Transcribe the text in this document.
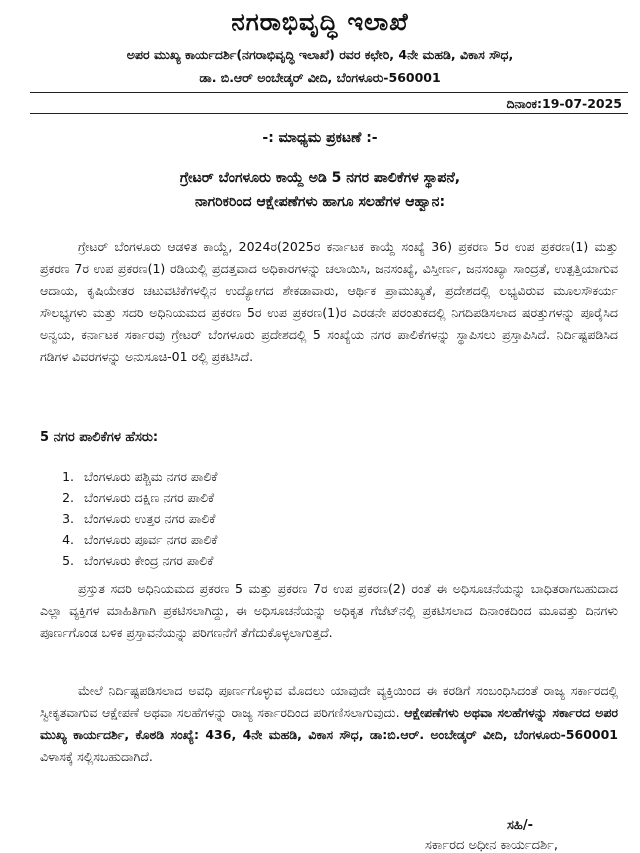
ನಗರಾಭಿವೃದ್ಧಿ ಇಲಾಖೆ
ಅಪರ ಮುಖ್ಯ ಕಾರ್ಯದರ್ಶಿ(ನಗರಾಭಿವೃದ್ಧಿ ಇಲಾಖೆ) ರವರ ಕಛೇರಿ, 4ನೇ ಮಹಡಿ, ವಿಕಾಸ ಸೌಧ,
ಡಾ. ಬಿ.ಆರ್ ಅಂಬೇಡ್ಕರ್ ವೀದಿ, ಬೆಂಗಳೂರು-560001
ದಿನಾಂಕ:19-07-2025
-: ಮಾಧ್ಯಮ ಪ್ರಕಟಣೆ :-
ಗ್ರೇಟರ್ ಬೆಂಗಳೂರು ಕಾಯ್ದೆ ಅಡಿ 5 ನಗರ ಪಾಲಿಕೆಗಳ ಸ್ಥಾಪನೆ,
ನಾಗರಿಕರಿಂದ ಆಕ್ಷೇಪಣೆಗಳು ಹಾಗೂ ಸಲಹೆಗಳ ಆಹ್ವಾನ:

ಗ್ರೇಟರ್ ಬೆಂಗಳೂರು ಆಡಳಿತ ಕಾಯ್ದೆ, 2024ರ(2025ರ ಕರ್ನಾಟಕ ಕಾಯ್ದೆ ಸಂಖ್ಯೆ 36) ಪ್ರಕರಣ 5ರ ಉಪ ಪ್ರಕರಣ(1) ಮತ್ತು ಪ್ರಕರಣ 7ರ ಉಪ ಪ್ರಕರಣ(1) ರಡಿಯಲ್ಲಿ ಪ್ರದತ್ತವಾದ ಅಧಿಕಾರಗಳನ್ನು ಚಲಾಯಿಸಿ, ಜನಸಂಖ್ಯೆ, ವಿಸ್ತೀರ್ಣ, ಜನಸಂಖ್ಯಾ ಸಾಂದ್ರತೆ, ಉತ್ಪತ್ತಿಯಾಗುವ ಆದಾಯ, ಕೃಷಿಯೇತರ ಚಟುವಟಿಕೆಗಳಲ್ಲಿನ ಉದ್ಯೋಗದ ಶೇಕಡಾವಾರು, ಆರ್ಥಿಕ ಪ್ರಾಮುಖ್ಯತೆ, ಪ್ರದೇಶದಲ್ಲಿ ಲಭ್ಯವಿರುವ ಮೂಲಸೌಕರ್ಯ ಸೌಲಭ್ಯಗಳು ಮತ್ತು ಸದರಿ ಅಧಿನಿಯಮದ ಪ್ರಕರಣ 5ರ ಉಪ ಪ್ರಕರಣ(1)ರ ಎರಡನೇ ಪರಂತುಕದಲ್ಲಿ ನಿಗದಿಪಡಿಸಲಾದ ಷರತ್ತುಗಳನ್ನು ಪೂರೈಸಿದ ಅನ್ವಯ, ಕರ್ನಾಟಕ ಸರ್ಕಾರವು ಗ್ರೇಟರ್ ಬೆಂಗಳೂರು ಪ್ರದೇಶದಲ್ಲಿ 5 ಸಂಖ್ಯೆಯ ನಗರ ಪಾಲಿಕೆಗಳನ್ನು ಸ್ಥಾಪಿಸಲು ಪ್ರಸ್ತಾಪಿಸಿದೆ. ನಿರ್ದಿಷ್ಟಪಡಿಸಿದ ಗಡಿಗಳ ವಿವರಗಳನ್ನು ಅನುಸೂಚಿ-01 ರಲ್ಲಿ ಪ್ರಕಟಿಸಿದೆ.

5 ನಗರ ಪಾಲಿಕೆಗಳ ಹೆಸರು:
1. ಬೆಂಗಳೂರು ಪಶ್ಚಿಮ ನಗರ ಪಾಲಿಕೆ
2. ಬೆಂಗಳೂರು ದಕ್ಷಿಣ ನಗರ ಪಾಲಿಕೆ
3. ಬೆಂಗಳೂರು ಉತ್ತರ ನಗರ ಪಾಲಿಕೆ
4. ಬೆಂಗಳೂರು ಪೂರ್ವ ನಗರ ಪಾಲಿಕೆ
5. ಬೆಂಗಳೂರು ಕೇಂದ್ರ ನಗರ ಪಾಲಿಕೆ

ಪ್ರಸ್ತುತ ಸದರಿ ಅಧಿನಿಯಮದ ಪ್ರಕರಣ 5 ಮತ್ತು ಪ್ರಕರಣ 7ರ ಉಪ ಪ್ರಕರಣ(2) ರಂತೆ ಈ ಅಧಿಸೂಚನೆಯನ್ನು ಬಾಧಿತರಾಗಬಹುದಾದ ಎಲ್ಲಾ ವ್ಯಕ್ತಿಗಳ ಮಾಹಿತಿಗಾಗಿ ಪ್ರಕಟಿಸಲಾಗಿದ್ದು, ಈ ಅಧಿಸೂಚನೆಯನ್ನು ಅಧಿಕೃತ ಗೆಜೆಟ್‌ನಲ್ಲಿ ಪ್ರಕಟಿಸಲಾದ ದಿನಾಂಕದಿಂದ ಮೂವತ್ತು ದಿನಗಳು ಪೂರ್ಣಗೊಂಡ ಬಳಿಕ ಪ್ರಸ್ತಾವನೆಯನ್ನು ಪರಿಗಣನೆಗೆ ತೆಗೆದುಕೊಳ್ಳಲಾಗುತ್ತದೆ.

ಮೇಲೆ ನಿರ್ದಿಷ್ಟಪಡಿಸಲಾದ ಅವಧಿ ಪೂರ್ಣಗೊಳ್ಳುವ ಮೊದಲು ಯಾವುದೇ ವ್ಯಕ್ತಿಯಿಂದ ಈ ಕರಡಿಗೆ ಸಂಬಂಧಿಸಿದಂತೆ ರಾಜ್ಯ ಸರ್ಕಾರದಲ್ಲಿ ಸ್ವೀಕೃತವಾಗುವ ಆಕ್ಷೇಪಣೆ ಅಥವಾ ಸಲಹೆಗಳನ್ನು ರಾಜ್ಯ ಸರ್ಕಾರದಿಂದ ಪರಿಗಣಿಸಲಾಗುವುದು. ಆಕ್ಷೇಪಣೆಗಳು ಅಥವಾ ಸಲಹೆಗಳನ್ನು ಸರ್ಕಾರದ ಅಪರ ಮುಖ್ಯ ಕಾರ್ಯದರ್ಶಿ, ಕೊಠಡಿ ಸಂಖ್ಯೆ: 436, 4ನೇ ಮಹಡಿ, ವಿಕಾಸ ಸೌಧ, ಡಾ:ಬಿ.ಆರ್. ಅಂಬೇಡ್ಕರ್ ವೀದಿ, ಬೆಂಗಳೂರು-560001 ವಿಳಾಸಕ್ಕೆ ಸಲ್ಲಿಸಬಹುದಾಗಿದೆ.

ಸಹಿ/-
ಸರ್ಕಾರದ ಅಧೀನ ಕಾರ್ಯದರ್ಶಿ,
